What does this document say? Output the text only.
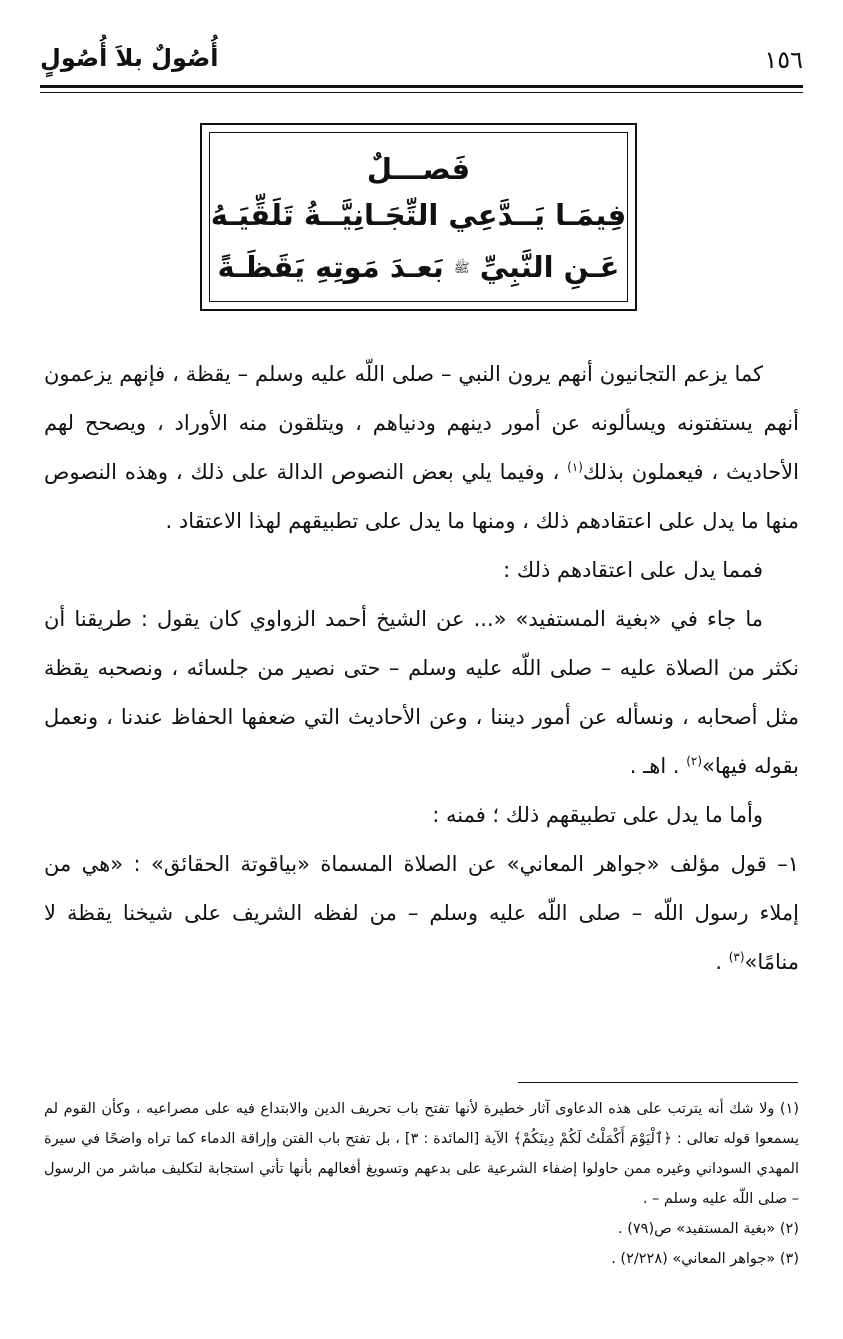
١٥٦
أُصُولٌ بلاَ أُصُولٍ
فَصـــلٌ
فِيمَـا يَــدَّعِي التِّجَـانِيَّــةُ تَلَقِّيَـهُ
عَـنِ النَّبِيِّ ﷺ بَعـدَ مَوتِهِ يَقَظَـةً

كما يزعم التجانيون أنهم يرون النبي – صلى اللّه عليه وسلم – يقظة ، فإنهم يزعمون أنهم يستفتونه ويسألونه عن أمور دينهم ودنياهم ، ويتلقون منه الأوراد ، ويصحح لهم الأحاديث ، فيعملون بذلك$^{(١)}$ ، وفيما يلي بعض النصوص الدالة على ذلك ، وهذه النصوص منها ما يدل على اعتقادهم ذلك ، ومنها ما يدل على تطبيقهم لهذا الاعتقاد .

فمما يدل على اعتقادهم ذلك :

ما جاء في «بغية المستفيد» «... عن الشيخ أحمد الزواوي كان يقول : طريقنا أن نكثر من الصلاة عليه – صلى اللّه عليه وسلم – حتى نصير من جلسائه ، ونصحبه يقظة مثل أصحابه ، ونسأله عن أمور ديننا ، وعن الأحاديث التي ضعفها الحفاظ عندنا ، ونعمل بقوله فيها»$^{(٢)}$ . اهـ .

وأما ما يدل على تطبيقهم ذلك ؛ فمنه :

١– قول مؤلف «جواهر المعاني» عن الصلاة المسماة «بياقوتة الحقائق» : «هي من إملاء رسول اللّه – صلى اللّه عليه وسلم – من لفظه الشريف على شيخنا يقظة لا منامًا»$^{(٣)}$ .

(١) ولا شك أنه يترتب على هذه الدعاوى آثار خطيرة لأنها تفتح باب تحريف الدين والابتداع فيه على مصراعيه ، وكأن القوم لم يسمعوا قوله تعالى : ﴿ٱلْيَوْمَ أَكْمَلْتُ لَكُمْ دِينَكُمْ﴾ الآية [المائدة : ٣] ، بل تفتح باب الفتن وإراقة الدماء كما تراه واضحًا في سيرة المهدي السوداني وغيره ممن حاولوا إضفاء الشرعية على بدعهم وتسويغ أفعالهم بأنها تأتي استجابة لتكليف مباشر من الرسول – صلى اللّه عليه وسلم – .

(٢) «بغية المستفيد» ص(٧٩) .

(٣) «جواهر المعاني» (٢/٢٢٨) .
